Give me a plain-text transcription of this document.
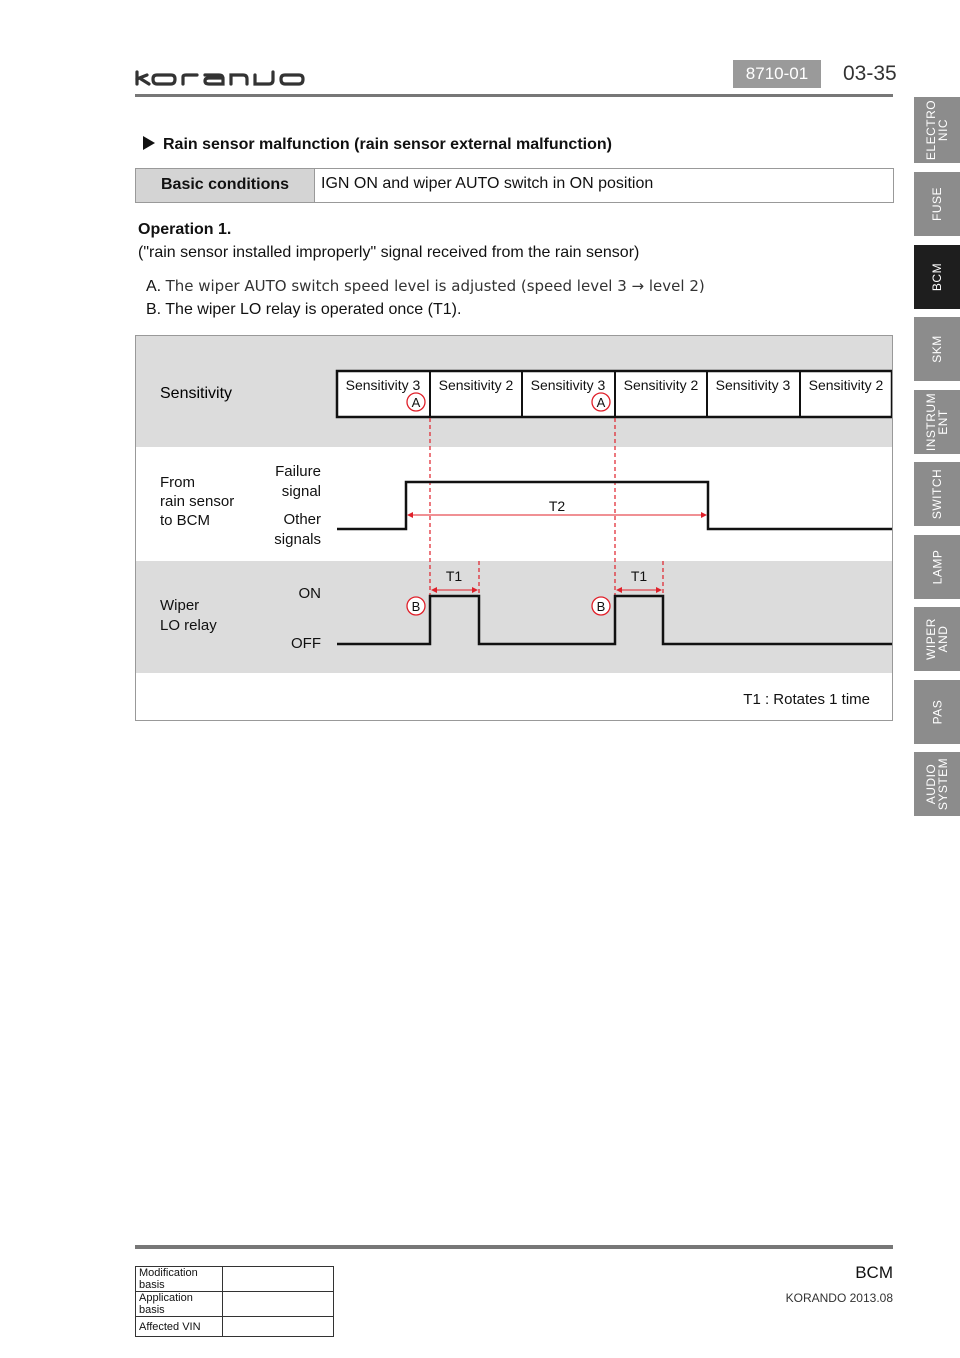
8710-01	03-35
ELECTRO
NIC
FUSE
BCM
SKM
INSTRUM
ENT
SWITCH
LAMP
WIPER
AND
PAS
AUDIO
SYSTEM
Rain sensor malfunction (rain sensor external malfunction)
Basic conditions	IGN ON and wiper AUTO switch in ON position
Operation 1.
("rain sensor installed improperly" signal received from the rain sensor)
A. The wiper AUTO switch speed level is adjusted (speed level 3 → level 2)
B. The wiper LO relay is operated once (T1).
Sensitivity	Sensitivity 3 Sensitivity 2 Sensitivity 3 Sensitivity 2 Sensitivity 3 Sensitivity 2
A	A
From
rain sensor
to BCM
Failure
signal
Other
signals
T2
Wiper
LO relay
ON
OFF
T1	T1
B	B
T1 : Rotates 1 time
BCM
KORANDO 2013.08
Modification basis	
Application basis	
Affected VIN	
